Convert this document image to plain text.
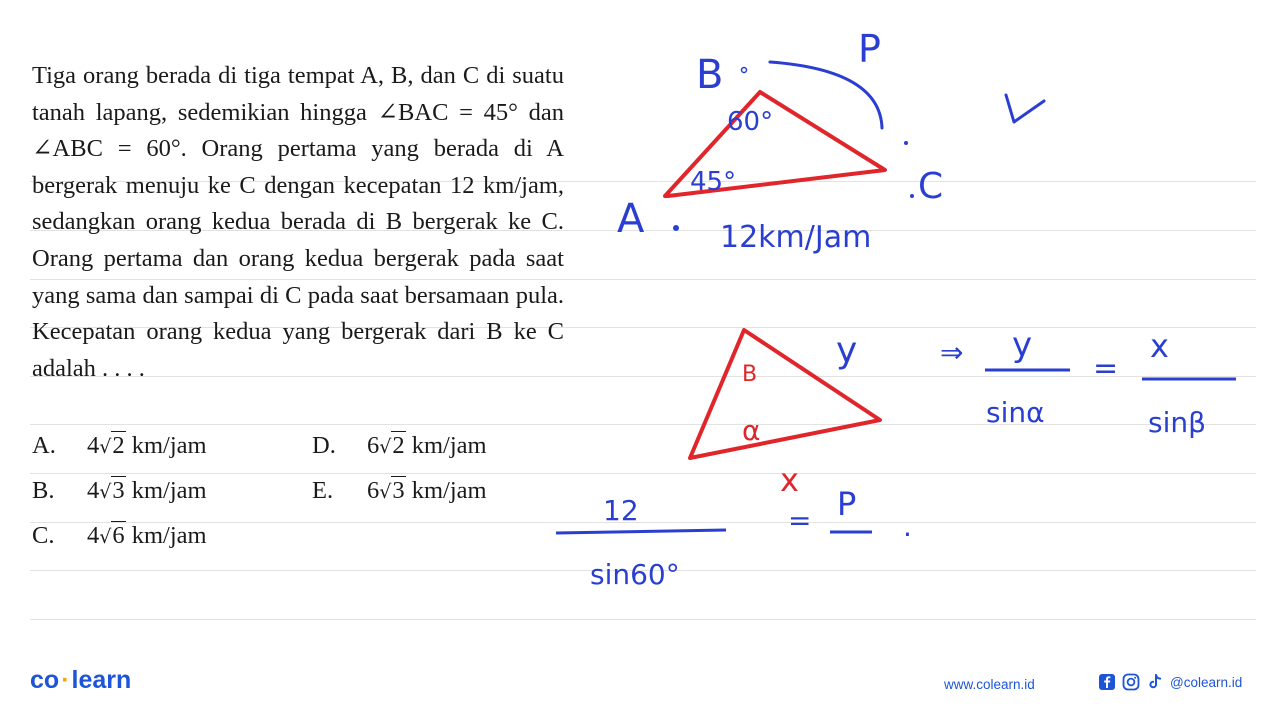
Tiga orang berada di tiga tempat A, B, dan C di suatu tanah lapang, sedemikian hingga ∠BAC = 45° dan ∠ABC = 60°. Orang pertama yang berada di A bergerak menuju ke C dengan kecepatan 12 km/jam, sedangkan orang kedua berada di B bergerak ke C. Orang pertama dan orang kedua bergerak pada saat yang sama dan sampai di C pada saat bersamaan pula. Kecepatan orang kedua yang bergerak dari B ke C adalah . . . .

A. 4√2 km/jam
B. 4√3 km/jam
C. 4√6 km/jam
D. 6√2 km/jam
E. 6√3 km/jam
B
P
60°
45°	C
A	12km/Jam
B
α
y
x
⇒ y
sinα
=
x
sinβ
12
sin60°
= P
.
co·learn	www.colearn.id	@colearn.id
